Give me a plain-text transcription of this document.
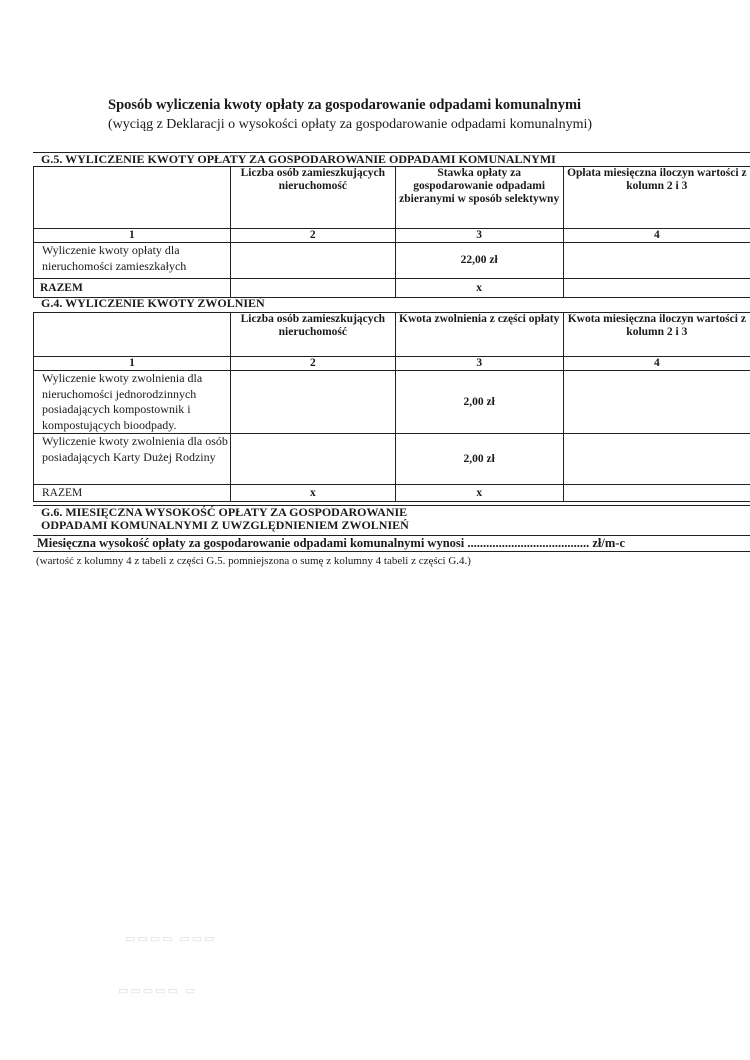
Sposób wyliczenia kwoty opłaty za gospodarowanie odpadami komunalnymi
(wyciąg z Deklaracji o wysokości opłaty za gospodarowanie odpadami komunalnymi)
G.5. WYLICZENIE KWOTY OPŁATY ZA GOSPODAROWANIE ODPADAMI KOMUNALNYMI
	Liczba osób zamieszkujących nieruchomość	Stawka opłaty za gospodarowanie odpadami zbieranymi w sposób selektywny	Opłata miesięczna iloczyn wartości z kolumn 2 i 3
1	2	3	4
Wyliczenie kwoty opłaty dla nieruchomości zamieszkałych		22,00 zł	
RAZEM		x	
G.4. WYLICZENIE KWOTY ZWOLNIEŃ
	Liczba osób zamieszkujących nieruchomość	Kwota zwolnienia z części opłaty	Kwota miesięczna iloczyn wartości z kolumn 2 i 3
1	2	3	4
Wyliczenie kwoty zwolnienia dla nieruchomości jednorodzinnych posiadających kompostownik i kompostujących bioodpady.		2,00 zł	
Wyliczenie kwoty zwolnienia dla osób posiadających Karty Dużej Rodziny		2,00 zł	
RAZEM	x	x	
G.6. MIESIĘCZNA WYSOKOŚĆ OPŁATY ZA GOSPODAROWANIE
ODPADAMI KOMUNALNYMI Z UWZGLĘDNIENIEM ZWOLNIEŃ
Miesięczna wysokość opłaty za gospodarowanie odpadami komunalnymi wynosi ....................................... zł/m-c
(wartość z kolumny 4 z tabeli z części G.5. pomniejszona o sumę z kolumny 4 tabeli z części G.4.)
▭▭▭▭ ▭▭▭
▭▭▭▭▭ ▭
